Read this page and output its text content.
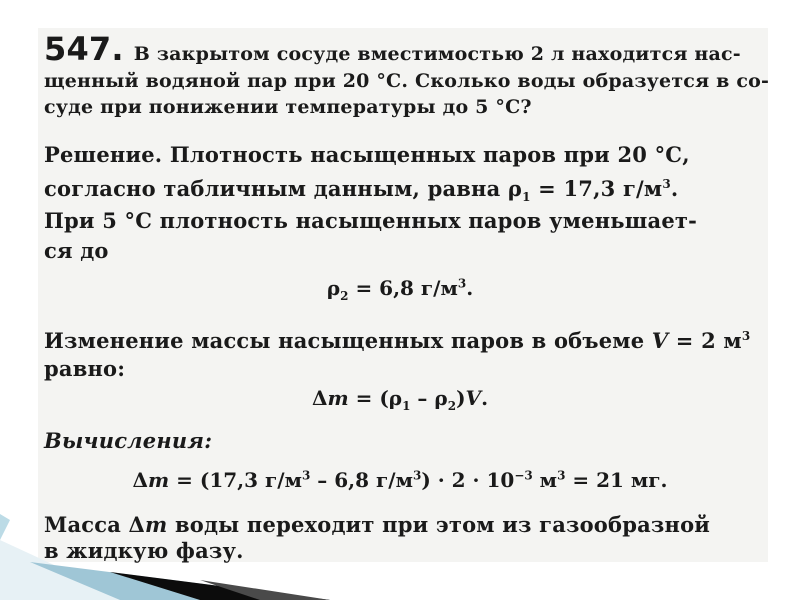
547. В закрытом сосуде вместимостью 2 л находится нас-
щенный водяной пар при 20 °С. Сколько воды образуется в со-
суде при понижении температуры до 5 °С?
Решение. Плотность насыщенных паров при 20 °С,
согласно табличным данным, равна $\rho_1 = 17,3$ $г/м^3$.
При 5 °С плотность насыщенных паров уменьшает-
ся до
$\rho_2 = 6,8$ $г/м^3$.
Изменение массы насыщенных паров в объеме V = 2 $м^3$
равно:
$\Delta m = (\rho_1 - \rho_2)V$.
Вычисления:
Δm = (17,3 $г/м^3 - 6,8$ $г/м^3) \cdot 2 \cdot 10^{-3}$ $м^3 = 21$ мг.
Масса Δm воды переходит при этом из газообразной
в жидкую фазу.
